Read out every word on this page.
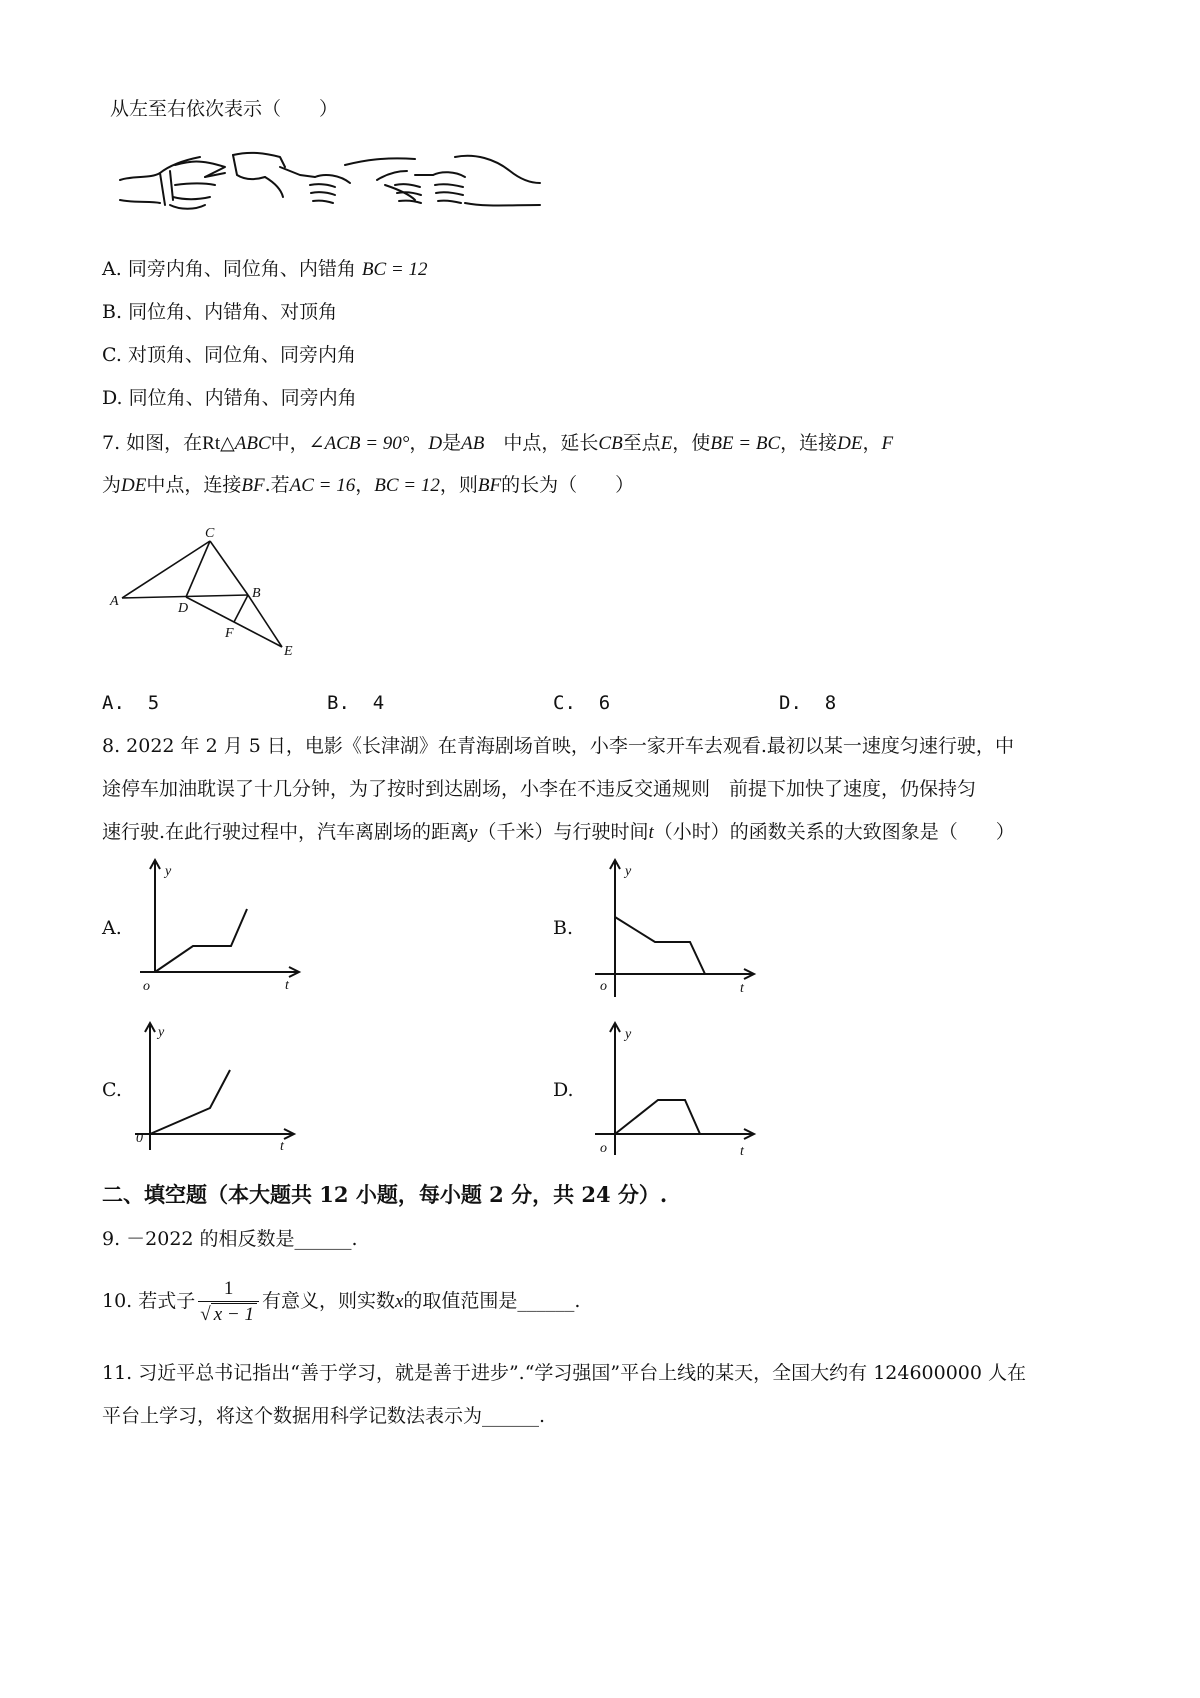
从左至右依次表示（　　）
A. 同旁内角、同位角、内错角 BC = 12
B. 同位角、内错角、对顶角
C. 对顶角、同位角、同旁内角
D. 同位角、内错角、同旁内角
7. 如图，在Rt△ABC中，∠ACB = 90°，D是AB　中点，延长CB至点E，使BE = BC，连接DE，F
为DE中点，连接BF.若AC = 16，BC = 12，则BF的长为（　　）
A
C
D
B
F
E
A. 5	B. 4	C. 6	D. 8
8. 2022 年 2 月 5 日，电影《长津湖》在青海剧场首映，小李一家开车去观看.最初以某一速度匀速行驶，中
途停车加油耽误了十几分钟，为了按时到达剧场，小李在不违反交通规则　前提下加快了速度，仍保持匀
速行驶.在此行驶过程中，汽车离剧场的距离y（千米）与行驶时间t（小时）的函数关系的大致图象是（　　）
A.	B.
C.	D.
y
o	t
y
o	t
y
0
t
y
o	t
二、填空题（本大题共 12 小题，每小题 2 分，共 24 分）.
9. －2022 的相反数是______.
10. 若式子 $\frac{1}{√ x - 1}$ 有意义，则实数x的取值范围是______.
11. 习近平总书记指出“善于学习，就是善于进步”.“学习强国”平台上线的某天，全国大约有 124600000 人在
平台上学习，将这个数据用科学记数法表示为______.
